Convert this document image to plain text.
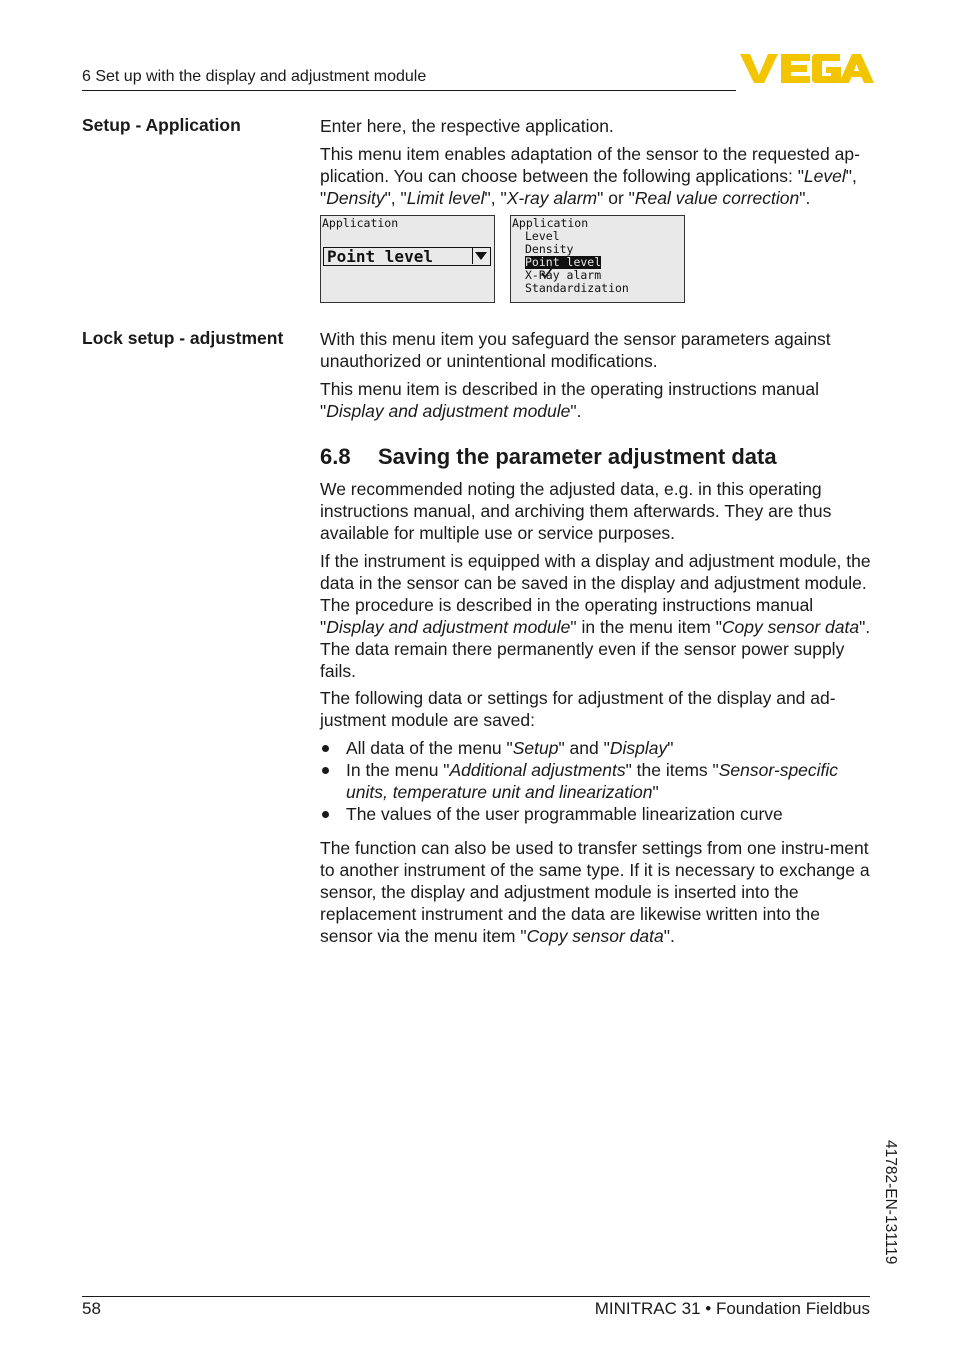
6 Set up with the display and adjustment module
Setup - Application	Enter here, the respective application.
This menu item enables adaptation of the sensor to the requested ap-plication. You can choose between the following applications: "Level", "Density", "Limit level", "X-ray alarm" or "Real value correction".
Application
Point level
Application
Level
Density

Point level
X-Ray alarm
Standardization
Lock setup - adjustment With this menu item you safeguard the sensor parameters against unauthorized or unintentional modifications.
This menu item is described in the operating instructions manual "Display and adjustment module".
6.8 Saving the parameter adjustment data
We recommended noting the adjusted data, e.g. in this operating instructions manual, and archiving them afterwards. They are thus available for multiple use or service purposes.
If the instrument is equipped with a display and adjustment module, the data in the sensor can be saved in the display and adjustment module. The procedure is described in the operating instructions manual "Display and adjustment module" in the menu item "Copy sensor data". The data remain there permanently even if the sensor power supply fails.
The following data or settings for adjustment of the display and ad-justment module are saved:
All data of the menu "Setup" and "Display"
In the menu "Additional adjustments" the items "Sensor-specific units, temperature unit and linearization"
The values of the user programmable linearization curve
The function can also be used to transfer settings from one instru-ment to another instrument of the same type. If it is necessary to exchange a sensor, the display and adjustment module is inserted into the replacement instrument and the data are likewise written into the sensor via the menu item "Copy sensor data".
41782-EN-131119
58	MINITRAC 31 • Foundation Fieldbus
